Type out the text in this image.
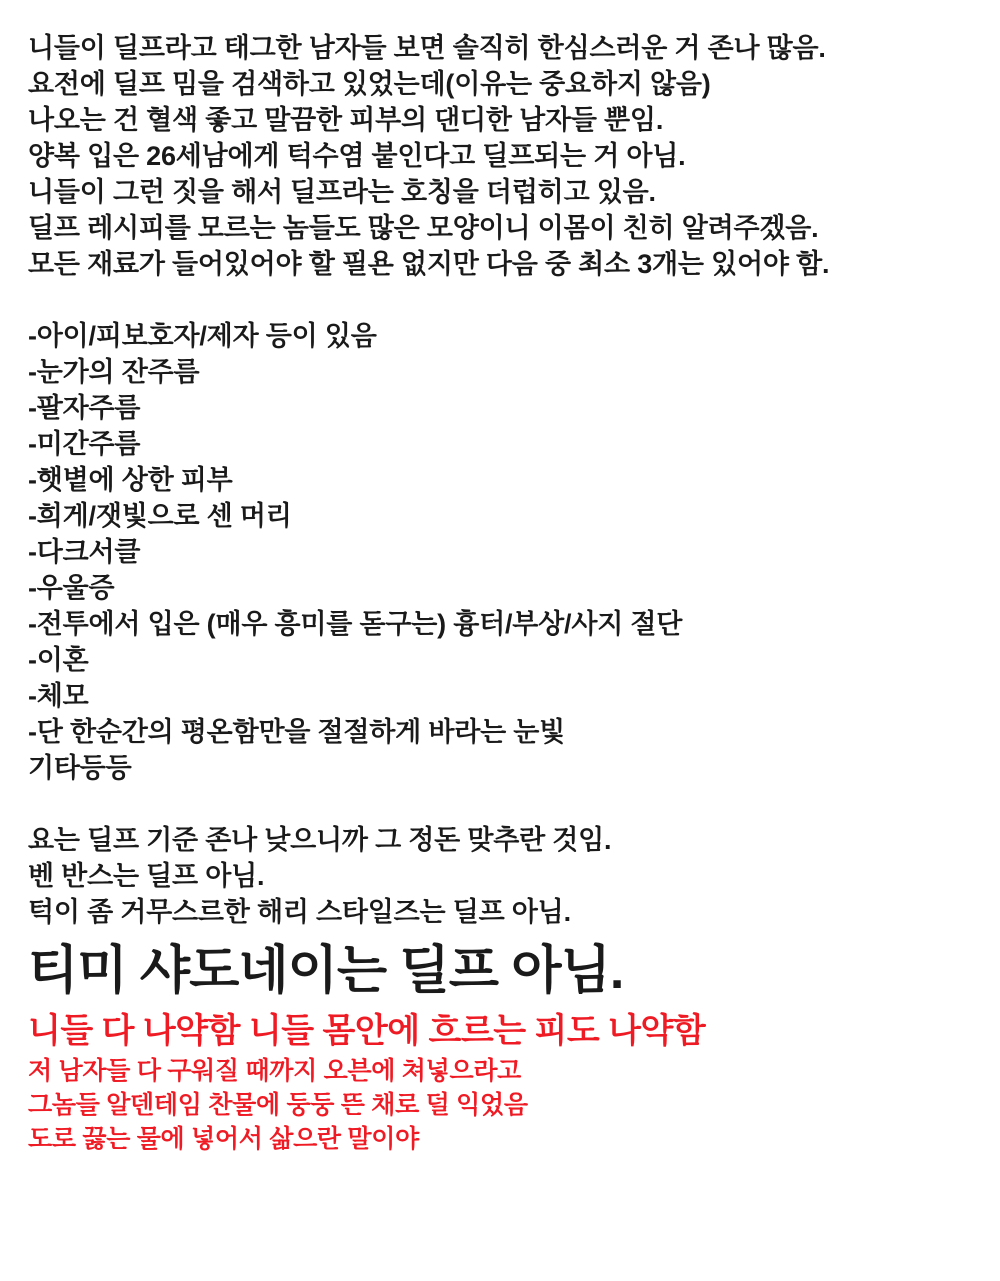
니들이 딜프라고 태그한 남자들 보면 솔직히 한심스러운 거 존나 많음.
요전에 딜프 밈을 검색하고 있었는데(이유는 중요하지 않음)
나오는 건 혈색 좋고 말끔한 피부의 댄디한 남자들 뿐임.
양복 입은 26세남에게 턱수염 붙인다고 딜프되는 거 아님.
니들이 그런 짓을 해서 딜프라는 호칭을 더럽히고 있음.
딜프 레시피를 모르는 놈들도 많은 모양이니 이몸이 친히 알려주겠음.
모든 재료가 들어있어야 할 필욘 없지만 다음 중 최소 3개는 있어야 함.
-아이/피보호자/제자 등이 있음
-눈가의 잔주름
-팔자주름
-미간주름
-햇볕에 상한 피부
-희게/잿빛으로 센 머리
-다크서클
-우울증
-전투에서 입은 (매우 흥미를 돋구는) 흉터/부상/사지 절단
-이혼
-체모
-단 한순간의 평온함만을 절절하게 바라는 눈빛
기타등등
요는 딜프 기준 존나 낮으니까 그 정돈 맞추란 것임.
벤 반스는 딜프 아님.
턱이 좀 거무스르한 해리 스타일즈는 딜프 아님.
티미 샤도네이는 딜프 아님.
니들 다 나약함 니들 몸안에 흐르는 피도 나약함
저 남자들 다 구워질 때까지 오븐에 쳐넣으라고
그놈들 알덴테임 찬물에 둥둥 뜬 채로 덜 익었음
도로 끓는 물에 넣어서 삶으란 말이야
